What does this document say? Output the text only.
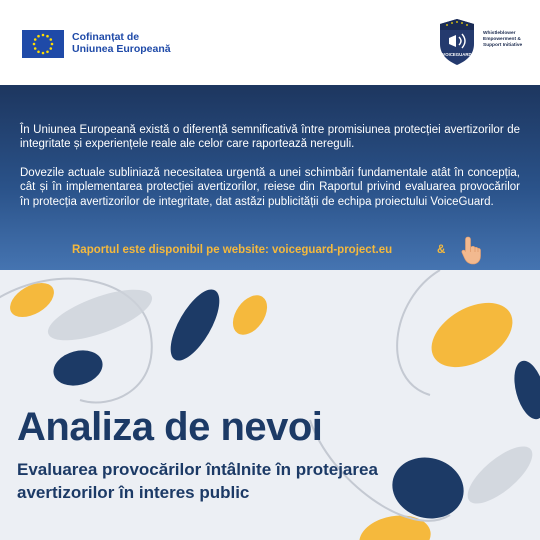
Cofinanțat de
Uniunea Europeană	VOICEGUARD
Whistleblower Empowerment & Support Initiative

În Uniunea Europeană există o diferență semnificativă între promisiunea protecției avertizorilor de integritate și experiențele reale ale celor care raportează nereguli.

Dovezile actuale subliniază necesitatea urgentă a unei schimbări fundamentale atât în concepția, cât și în implementarea protecției avertizorilor, reiese din Raportul privind evaluarea provocărilor în protecția avertizorilor de integritate, dat astăzi publicității de echipa proiectului VoiceGuard.

Raportul este disponibil pe website: voiceguard-project.eu	&
Analiza de nevoi
Evaluarea provocărilor întâlnite în protejarea avertizorilor în interes public
